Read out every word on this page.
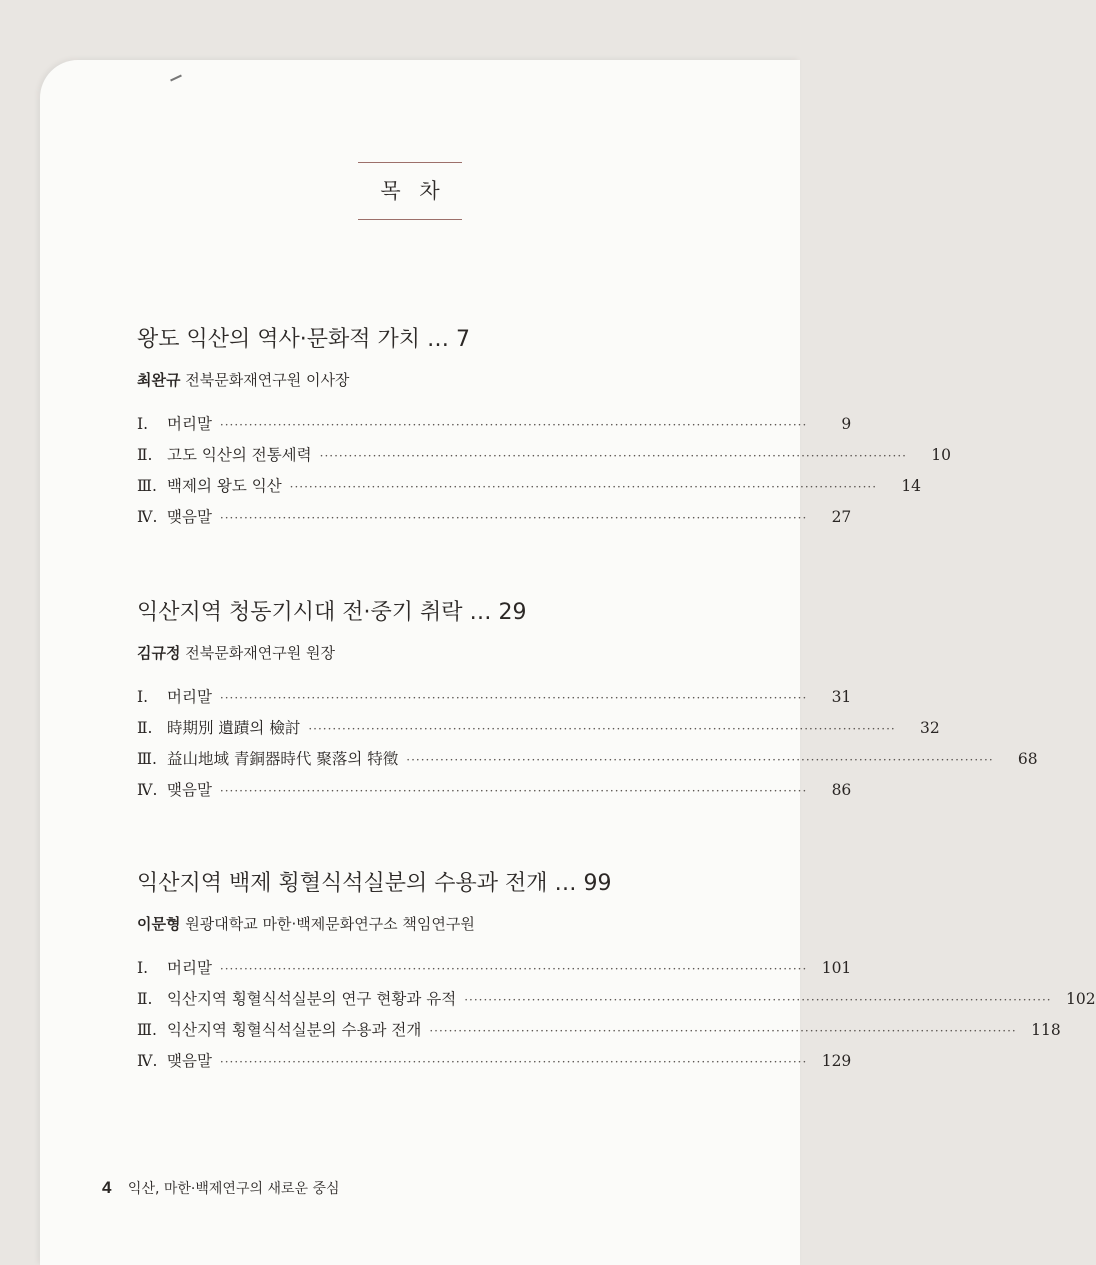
목 차
왕도 익산의 역사·문화적 가치 … 7
최완규 전북문화재연구원 이사장
Ⅰ.	머리말 ··························································································································	9
Ⅱ. 고도 익산의 전통세력 ··························································································································	10
Ⅲ. 백제의 왕도 익산 ··························································································································	14
Ⅳ. 맺음말 ··························································································································	27
익산지역 청동기시대 전·중기 취락 … 29
김규정 전북문화재연구원 원장
Ⅰ.	머리말 ··························································································································	31
Ⅱ. 時期別 遺蹟의 檢討 ··························································································································	32
Ⅲ. 益山地域 青銅器時代 聚落의 特徵 ··························································································································	68
Ⅳ. 맺음말 ··························································································································	86
익산지역 백제 횡혈식석실분의 수용과 전개 … 99
이문형 원광대학교 마한·백제문화연구소 책임연구원
Ⅰ.	머리말 ·························································································································· 101
Ⅱ. 익산지역 횡혈식석실분의 연구 현황과 유적 ·························································································································· 102
Ⅲ. 익산지역 횡혈식석실분의 수용과 전개 ·························································································································· 118
Ⅳ. 맺음말 ·························································································································· 129
4 익산, 마한·백제연구의 새로운 중심
